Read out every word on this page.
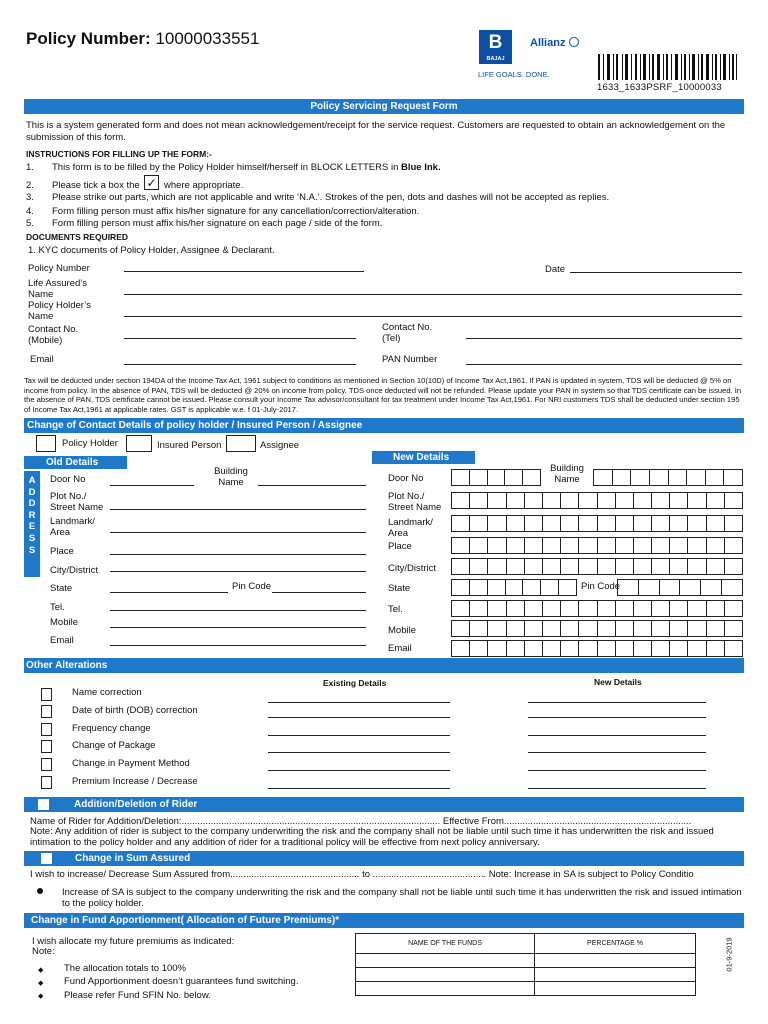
Policy Number: 10000033551	B
BAJAJ
Allianz
LIFE GOALS. DONE.
1633_1633PSRF_10000033
Policy Servicing Request Form
This is a system generated form and does not mean acknowledgement/receipt for the service request. Customers are requested to obtain an acknowledgement on the submission of this form.
INSTRUCTIONS FOR FILLING UP THE FORM:-
1. This form is to be filled by the Policy Holder himself/herself in BLOCK LETTERS in Blue Ink.
2. Please tick a box the ✓ where appropriate.
3. Please strike out parts, which are not applicable and write ‘N.A.’. Strokes of the pen, dots and dashes will not be accepted as replies.
4. Form filling person must affix his/her signature for any cancellation/correction/alteration.
5. Form filling person must affix his/her signature on each page / side of the form.
DOCUMENTS REQUIRED
1. KYC documents of Policy Holder, Assignee & Declarant.
Policy Number	Date
Life Assured’s Name
Policy Holder’s Name
Contact No. (Mobile)
Contact No. (Tel)
Email	PAN Number
Tax will be deducted under section 194DA of the Income Tax Act, 1961 subject to conditions as mentioned in Section 10(10D) of Income Tax Act,1961. If PAN is updated in system, TDS will be deducted @ 5% on income from policy. In the absence of PAN, TDS will be deducted @ 20% on income from policy. TDS once deducted will not be refunded. Please update your PAN in system so that TDS certificate can be issued. In the absence of PAN, TDS certificate cannot be issued. Please consult your Income Tax advisor/consultant for tax treatment under Income Tax Act,1961. For NRI customers TDS shall be deducted under section 195 of Income Tax Act,1961 at applicable rates. GST is applicable w.e. f 01-July-2017.
Change of Contact Details of policy holder / Insured Person / Assignee
Policy Holder	Insured Person	Assignee
Old Details	New Details
A
D
D
R
E
S
S
Door No
Building Name
Plot No./ Street Name
Landmark/ Area
Place
City/District
State	Pin Code
Tel.
Mobile
Email
Door No
Building Name
Plot No./ Street Name
Landmark/ Area
Place
City/District
State	Pin Code
Tel.
Mobile
Email
Other Alterations
Existing Details	New Details
Name correction
Date of birth (DOB) correction
Frequency change
Change of Package
Change in Payment Method
Premium Increase / Decrease
Addition/Deletion of Rider
Name of Rider for Addition/Deletion:.................................................................................................. Effective From.......................................................................
Note: Any addition of rider is subject to the company underwriting the risk and the company shall not be liable until such time it has underwritten the risk and issued intimation to the policy holder and any addition of rider for a traditional policy will be effective from next policy anniversary.
Change in Sum Assured
I wish to increase/ Decrease Sum Assured from................................................. to ........................................... Note: Increase in SA is subject to Policy Conditio
Increase of SA is subject to the company underwriting the risk and the company shall not be liable until such time it has underwritten the risk and issued intimation to the policy holder.
Change in Fund Apportionment( Allocation of Future Premiums)*
I wish allocate my future premiums as indicated:
Note:
◆ The allocation totals to 100%
◆ Fund Apportionment doesn’t guarantees fund switching.
◆ Please refer Fund SFIN No. below.
NAME OF THE FUNDS	PERCENTAGE %	01-9-2019
